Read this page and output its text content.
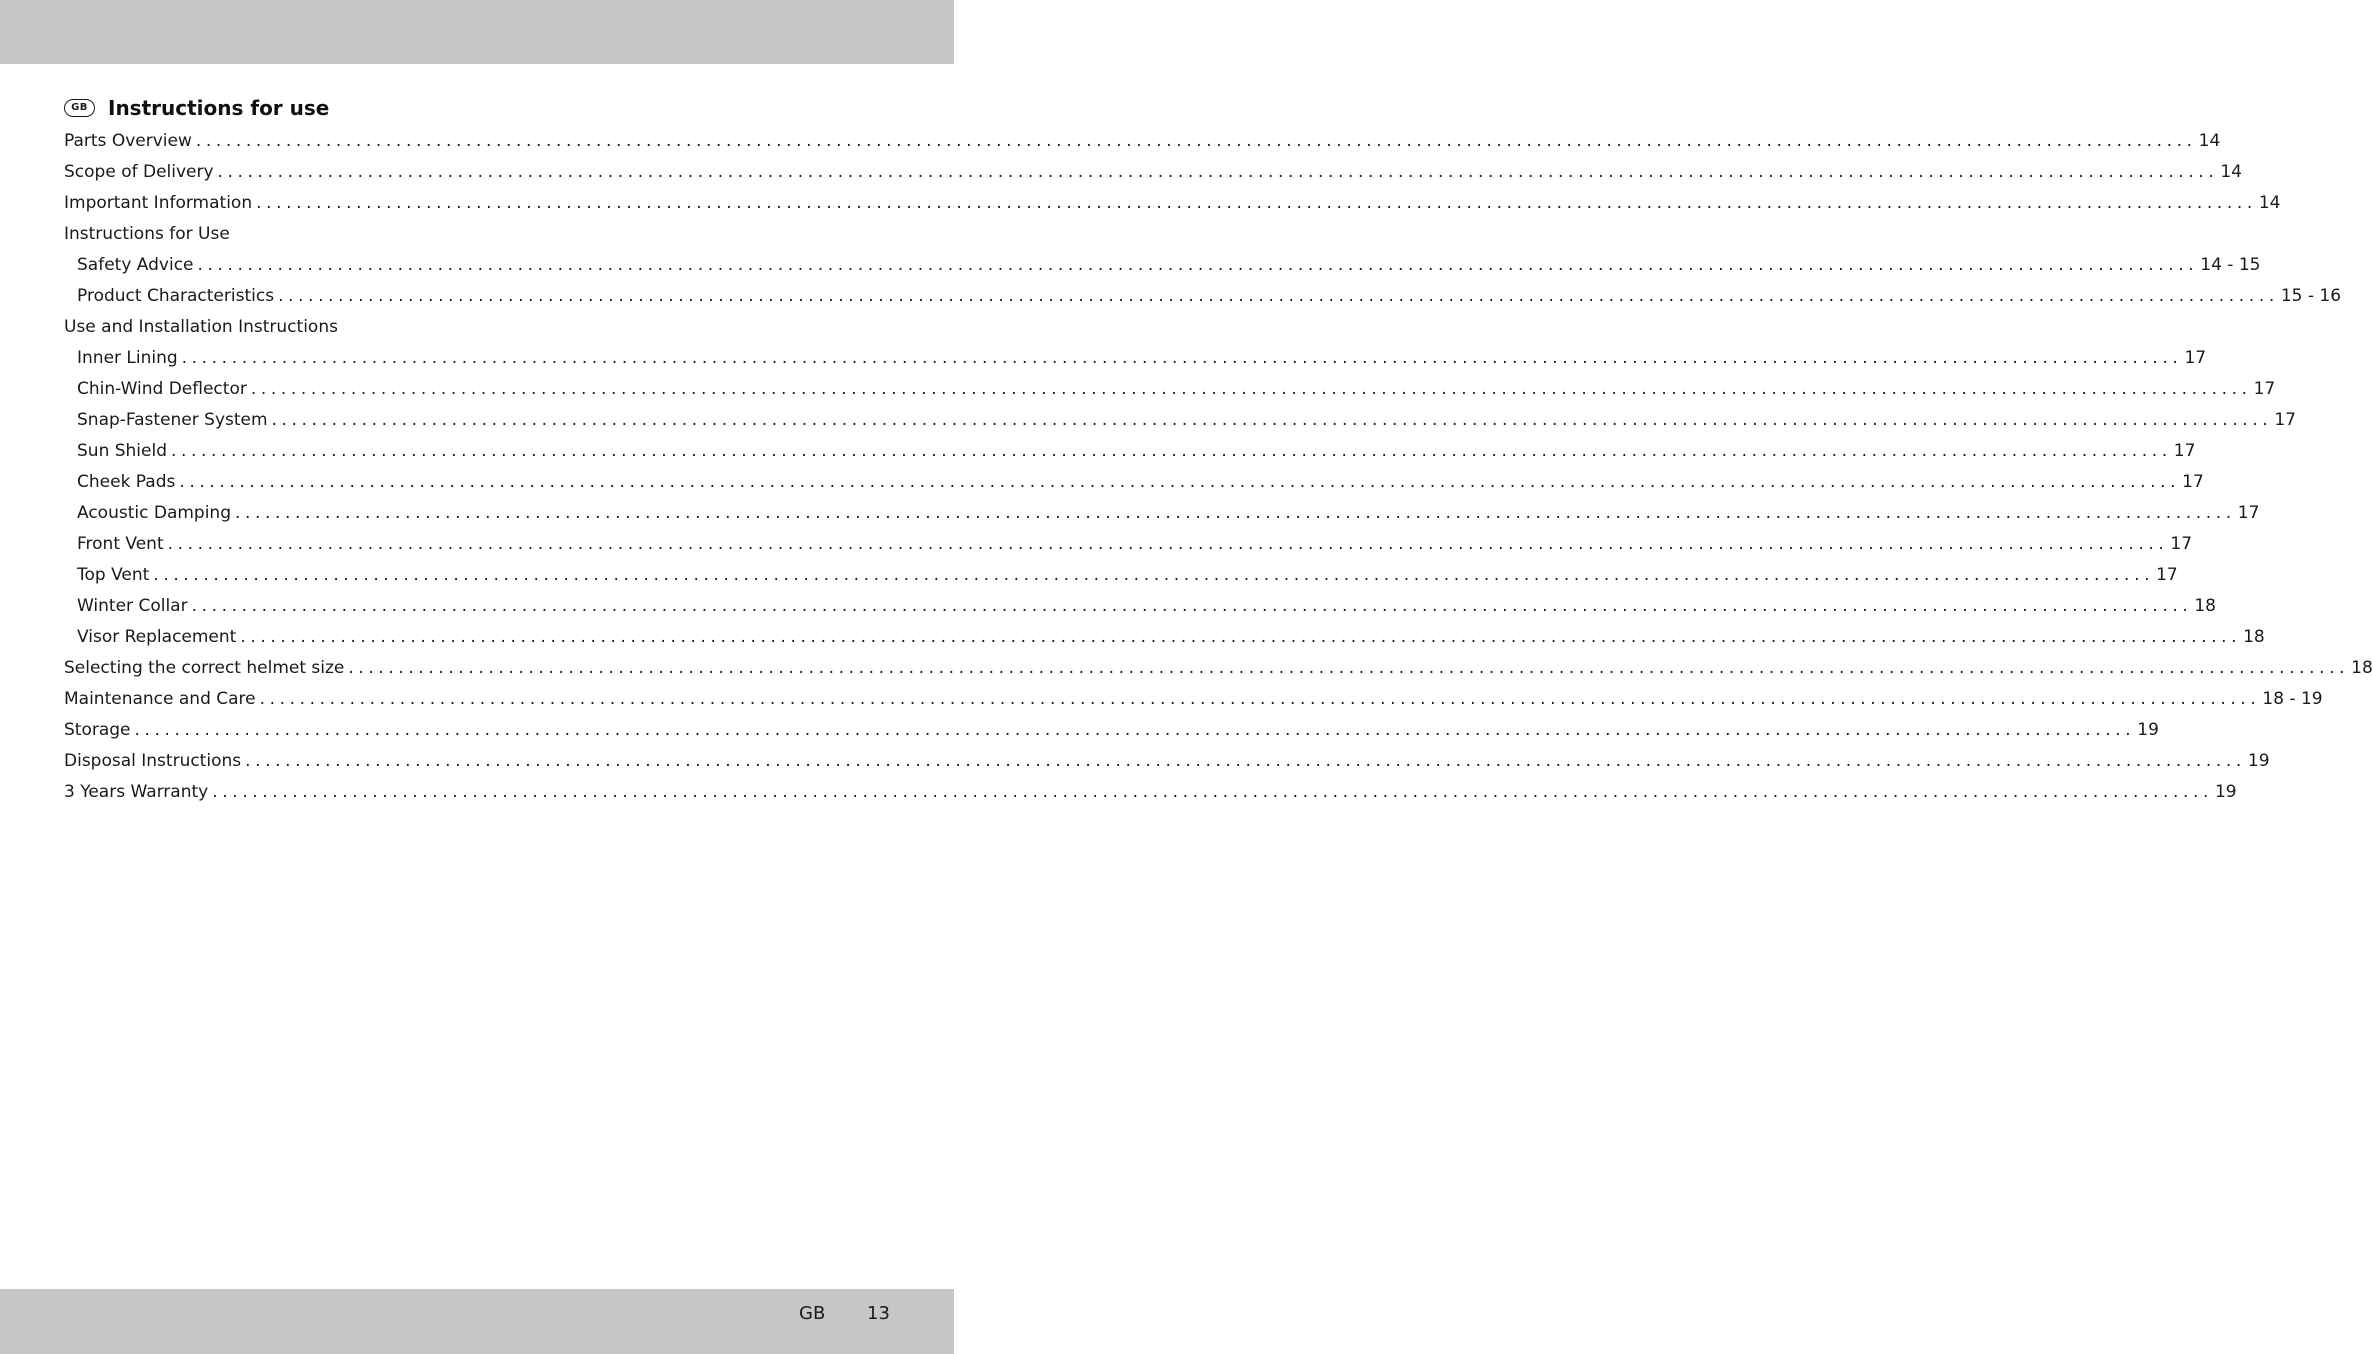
GB	Instructions for use
Parts Overview ........................................................................................................................................................................................................ 14
Scope of Delivery ........................................................................................................................................................................................................ 14
Important Information ........................................................................................................................................................................................................ 14
Instructions for Use
Safety Advice ........................................................................................................................................................................................................ 14 - 15
Product Characteristics ........................................................................................................................................................................................................ 15 - 16
Use and Installation Instructions
Inner Lining ........................................................................................................................................................................................................ 17
Chin-Wind Deflector ........................................................................................................................................................................................................ 17
Snap-Fastener System ........................................................................................................................................................................................................ 17
Sun Shield ........................................................................................................................................................................................................ 17
Cheek Pads ........................................................................................................................................................................................................ 17
Acoustic Damping ........................................................................................................................................................................................................ 17
Front Vent ........................................................................................................................................................................................................ 17
Top Vent ........................................................................................................................................................................................................ 17
Winter Collar ........................................................................................................................................................................................................ 18
Visor Replacement ........................................................................................................................................................................................................ 18
Selecting the correct helmet size ........................................................................................................................................................................................................ 18
Maintenance and Care ........................................................................................................................................................................................................ 18 - 19
Storage ........................................................................................................................................................................................................ 19
Disposal Instructions ........................................................................................................................................................................................................ 19
3 Years Warranty ........................................................................................................................................................................................................ 19
GB 13
